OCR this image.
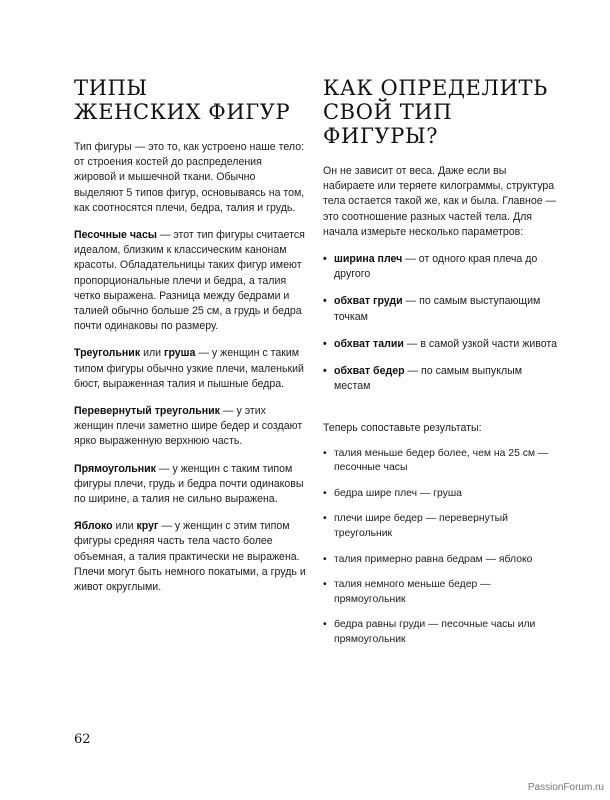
ТИПЫ
ЖЕНСКИХ ФИГУР

Тип фигуры — это то, как устроено наше тело: от строения костей до распределения жировой и мышечной ткани. Обычно выделяют 5 типов фигур, основываясь на том, как соотносятся плечи, бедра, талия и грудь.

Песочные часы — этот тип фигуры считается идеалом, близким к классическим канонам красоты. Обладательницы таких фигур имеют пропорциональные плечи и бедра, а талия четко выражена. Разница между бедрами и талией обычно больше 25 см, а грудь и бедра почти одинаковы по размеру.

Треугольник или груша — у женщин с таким типом фигуры обычно узкие плечи, маленький бюст, выраженная талия и пышные бедра.

Перевернутый треугольник — у этих женщин плечи заметно шире бедер и создают ярко выраженную верхнюю часть.

Прямоугольник — у женщин с таким типом фигуры плечи, грудь и бедра почти одинаковы по ширине, а талия не сильно выражена.

Яблоко или круг — у женщин с этим типом фигуры средняя часть тела часто более объемная, а талия практически не выражена. Плечи могут быть немного покатыми, а грудь и живот округлыми.

КАК ОПРЕДЕЛИТЬ
СВОЙ ТИП ФИГУРЫ?

Он не зависит от веса. Даже если вы набираете или теряете килограммы, структура тела остается такой же, как и была. Главное — это соотношение разных частей тела. Для начала измерьте несколько параметров:

• ширина плеч — от одного края плеча до другого
• обхват груди — по самым выступающим точкам
• обхват талии — в самой узкой части живота
• обхват бедер — по самым выпуклым местам

Теперь сопоставьте результаты:

• талия меньше бедер более, чем на 25 см — песочные часы
• бедра шире плеч — груша
• плечи шире бедер — перевернутый треугольник
• талия примерно равна бедрам — яблоко
• талия немного меньше бедер — прямоугольник
• бедра равны груди — песочные часы или прямоугольник
62
PassionForum.ru
